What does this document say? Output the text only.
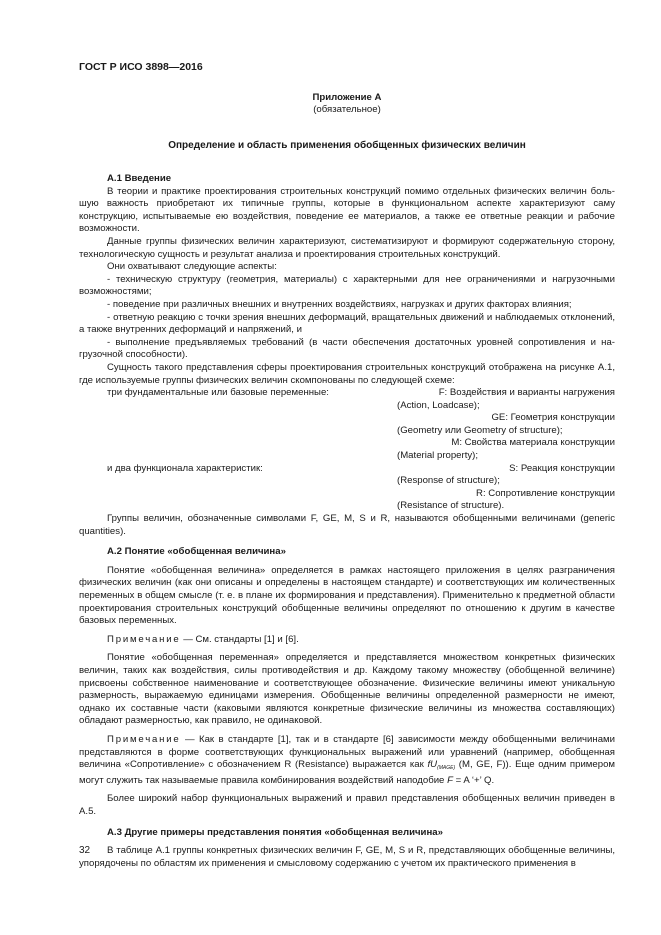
ГОСТ Р ИСО 3898—2016
Приложение А
(обязательное)
Определение и область применения обобщенных физических величин

А.1 Введение

В теории и практике проектирования строительных конструкций помимо отдельных физических величин большую важность приобретают их типичные группы, которые в функциональном аспекте характеризуют саму конструкцию, испытываемые ею воздействия, поведение ее материалов, а также ее ответные реакции и рабочие возможности.

Данные группы физических величин характеризуют, систематизируют и формируют содержательную сторону, технологическую сущность и результат анализа и проектирования строительных конструкций.

Они охватывают следующие аспекты:

- техническую структуру (геометрия, материалы) с характерными для нее ограничениями и нагрузочными возможностями;

- поведение при различных внешних и внутренних воздействиях, нагрузках и других факторах влияния;

- ответную реакцию с точки зрения внешних деформаций, вращательных движений и наблюдаемых отклонений, а также внутренних деформаций и напряжений, и

- выполнение предъявляемых требований (в части обеспечения достаточных уровней сопротивления и нагрузочной способности).

Сущность такого представления сферы проектирования строительных конструкций отображена на рисунке А.1, где используемые группы физических величин скомпонованы по следующей схеме:

три фундаментальные или базовые переменные:	F: Воздействия и варианты нагружения
(Action, Loadcase);
GE: Геометрия конструкции
(Geometry или Geometry of structure);
М: Свойства материала конструкции
(Material property);
и два функционала характеристик:	S: Реакция конструкции
(Response of structure);
R: Сопротивление конструкции
(Resistance of structure).

Группы величин, обозначенные символами F, GE, M, S и R, называются обобщенными величинами (generic quantities).

А.2 Понятие «обобщенная величина»

Понятие «обобщенная величина» определяется в рамках настоящего приложения в целях разграничения физических величин (как они описаны и определены в настоящем стандарте) и соответствующих им количественных переменных в общем смысле (т. е. в плане их формирования и представления). Применительно к предметной области проектирования строительных конструкций обобщенные величины определяют по отношению к другим в качестве базовых переменных.

Примечание — См. стандарты [1] и [6].

Понятие «обобщенная переменная» определяется и представляется множеством конкретных физических величин, таких как воздействия, силы противодействия и др. Каждому такому множеству (обобщенной величине) присвоены собственное наименование и соответствующее обозначение. Физические величины имеют уникальную размерность, выражаемую единицами измерения. Обобщенные величины определенной размерности не имеют, однако их составные части (каковыми являются конкретные физические величины из множества составляющих) обладают размерностью, как правило, не одинаковой.

Примечание — Как в стандарте [1], так и в стандарте [6] зависимости между обобщенными величинами представляются в форме соответствующих функциональных выражений или уравнений (например, обобщенная величина «Сопротивление» с обозначением R (Resistance) выражается как $fU_{(MAGE)}$ (M, GE, F)). Еще одним примером могут служить так называемые правила комбинирования воздействий наподобие F = A ‘+’ Q.

Более широкий набор функциональных выражений и правил представления обобщенных величин приведен в А.5.

А.3 Другие примеры представления понятия «обобщенная величина»

В таблице А.1 группы конкретных физических величин F, GE, M, S и R, представляющих обобщенные величины, упорядочены по областям их применения и смысловому содержанию с учетом их практического применения в

32
